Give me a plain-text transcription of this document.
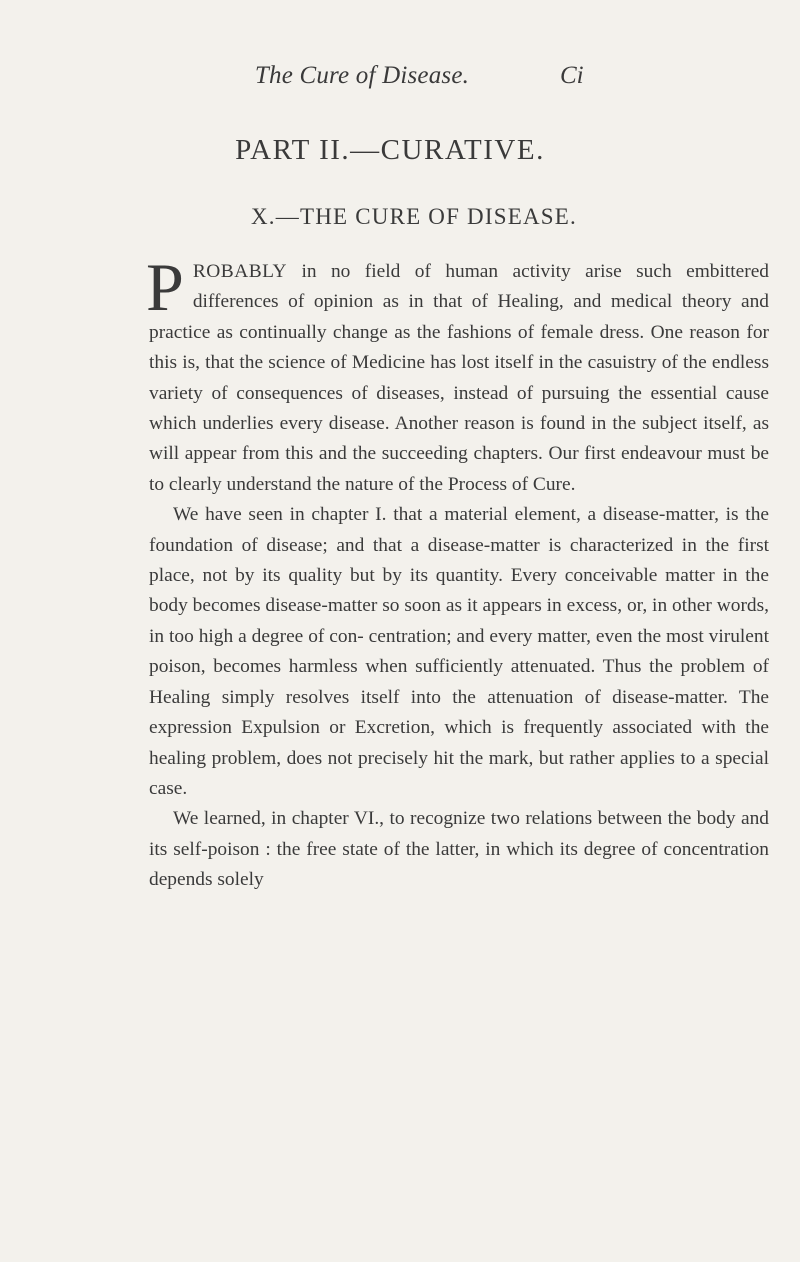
The Cure of Disease.	Ci
PART II.—CURATIVE.
X.—THE CURE OF DISEASE.

PROBABLY in no field of human activity arise such embittered differences of opinion as in that of Healing, and medical theory and practice as continually change as the fashions of female dress. One reason for this is, that the science of Medicine has lost itself in the casuistry of the endless variety of consequences of diseases, instead of pursuing the essential cause which underlies every disease. Another reason is found in the subject itself, as will appear from this and the succeeding chapters. Our first endeavour must be to clearly understand the nature of the Process of Cure.

We have seen in chapter I. that a material element, a disease-matter, is the foundation of disease; and that a disease-matter is characterized in the first place, not by its quality but by its quantity. Every conceivable matter in the body becomes disease-matter so soon as it appears in excess, or, in other words, in too high a degree of con- centration; and every matter, even the most virulent poison, becomes harmless when sufficiently attenuated. Thus the problem of Healing simply resolves itself into the attenuation of disease-matter. The expression Expulsion or Excretion, which is frequently associated with the healing problem, does not precisely hit the mark, but rather applies to a special case.

We learned, in chapter VI., to recognize two relations between the body and its self-poison : the free state of the latter, in which its degree of concentration depends solely
